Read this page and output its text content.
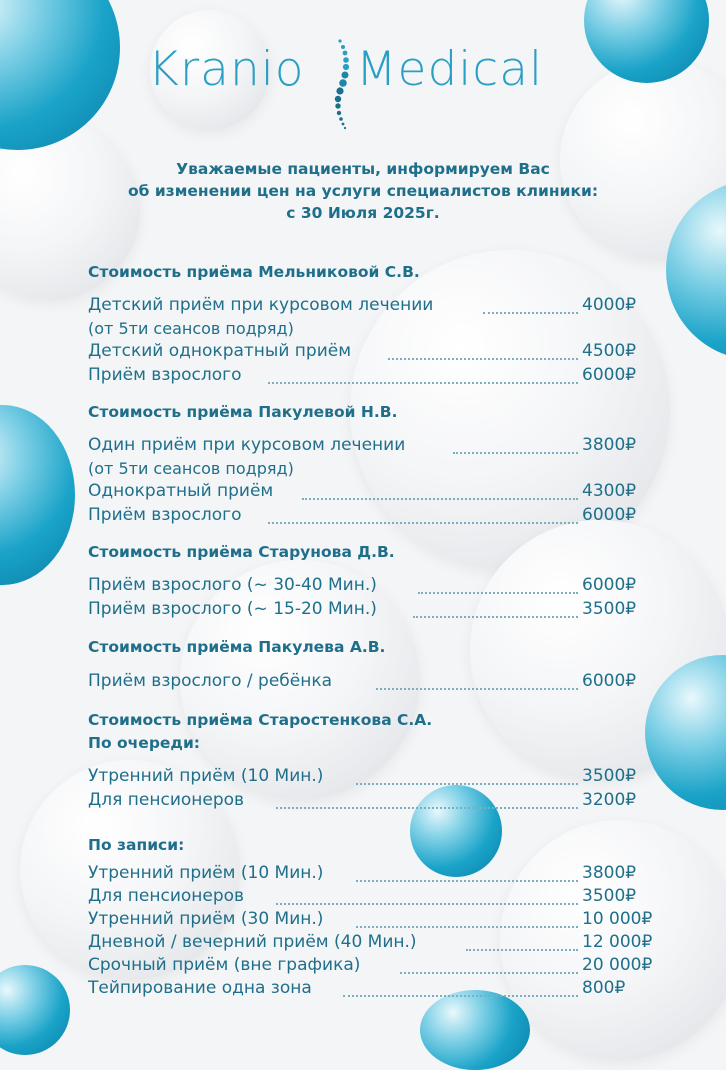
Kranio Medical
Уважаемые пациенты, информируем Вас
об изменении цен на услуги специалистов клиники:
с 30 Июля 2025г.
Стоимость приёма Мельниковой С.В.
Детский приём при курсовом лечении	4000₽
(от 5ти сеансов подряд)
Детский однократный приём	4500₽
Приём взрослого	6000₽
Стоимость приёма Пакулевой Н.В.
Один приём при курсовом лечении	3800₽
(от 5ти сеансов подряд)
Однократный приём	4300₽
Приём взрослого	6000₽
Стоимость приёма Старунова Д.В.
Приём взрослого (~ 30-40 Мин.)	6000₽
Приём взрослого (~ 15-20 Мин.)	3500₽
Стоимость приёма Пакулева А.В.
Приём взрослого / ребёнка	6000₽
Стоимость приёма Старостенкова С.А.
По очереди:
Утренний приём (10 Мин.)	3500₽
Для пенсионеров	3200₽
По записи:
Утренний приём (10 Мин.)	3800₽
Для пенсионеров	3500₽
Утренний приём (30 Мин.)	10 000₽
Дневной / вечерний приём (40 Мин.)	12 000₽
Срочный приём (вне графика)	20 000₽
Тейпирование одна зона	800₽
